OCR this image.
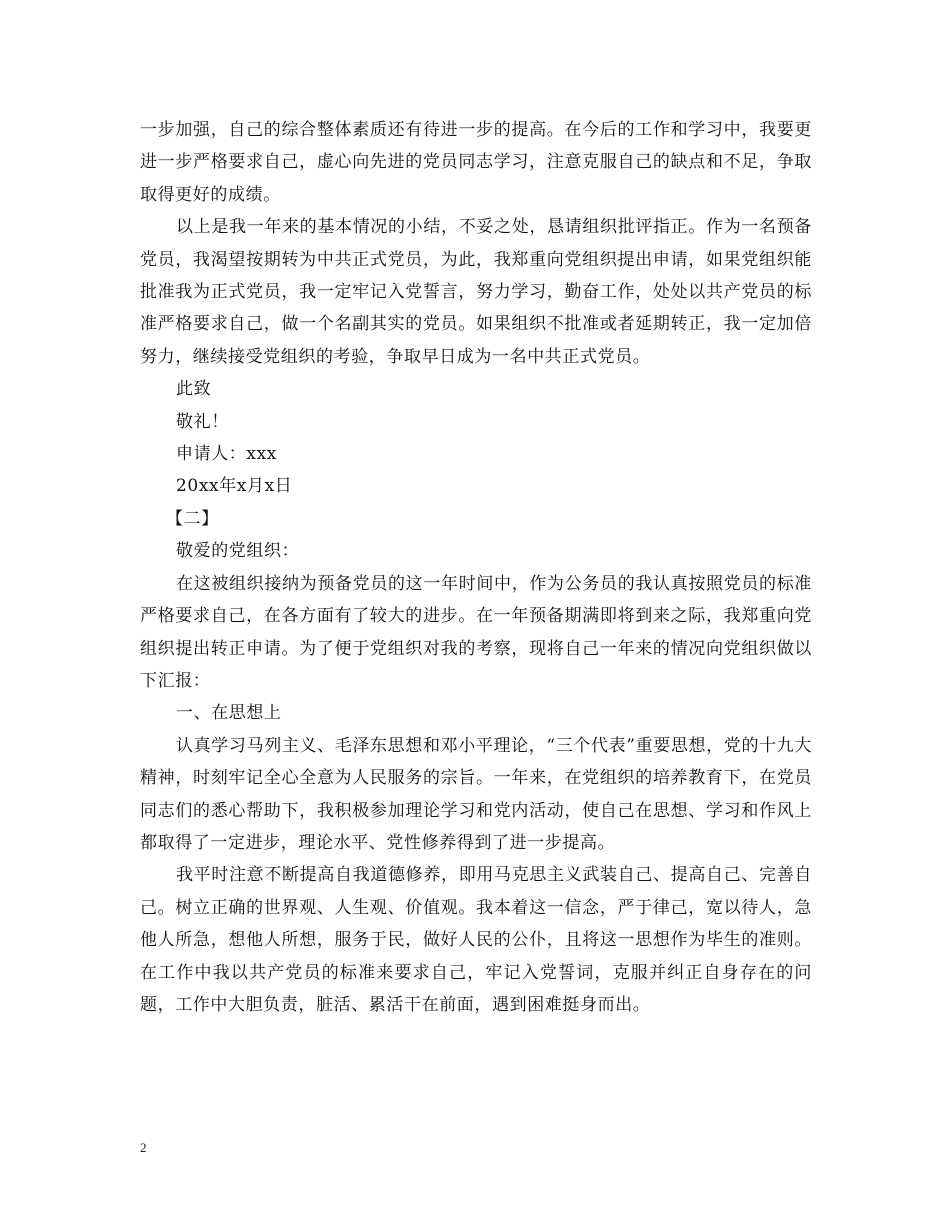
一步加强，自己的综合整体素质还有待进一步的提高。在今后的工作和学习中，我要更进一步严格要求自己，虚心向先进的党员同志学习，注意克服自己的缺点和不足，争取取得更好的成绩。

以上是我一年来的基本情况的小结，不妥之处，恳请组织批评指正。作为一名预备党员，我渴望按期转为中共正式党员，为此，我郑重向党组织提出申请，如果党组织能批准我为正式党员，我一定牢记入党誓言，努力学习，勤奋工作，处处以共产党员的标准严格要求自己，做一个名副其实的党员。如果组织不批准或者延期转正，我一定加倍努力，继续接受党组织的考验，争取早日成为一名中共正式党员。

此致

敬礼！

申请人：xxx

20xx年x月x日

【二】

敬爱的党组织：

在这被组织接纳为预备党员的这一年时间中，作为公务员的我认真按照党员的标准严格要求自己，在各方面有了较大的进步。在一年预备期满即将到来之际，我郑重向党组织提出转正申请。为了便于党组织对我的考察，现将自己一年来的情况向党组织做以下汇报：

一、在思想上

认真学习马列主义、毛泽东思想和邓小平理论，“三个代表”重要思想，党的十九大精神，时刻牢记全心全意为人民服务的宗旨。一年来，在党组织的培养教育下，在党员同志们的悉心帮助下，我积极参加理论学习和党内活动，使自己在思想、学习和作风上都取得了一定进步，理论水平、党性修养得到了进一步提高。

我平时注意不断提高自我道德修养，即用马克思主义武装自己、提高自己、完善自己。树立正确的世界观、人生观、价值观。我本着这一信念，严于律己，宽以待人，急他人所急，想他人所想，服务于民，做好人民的公仆，且将这一思想作为毕生的准则。在工作中我以共产党员的标准来要求自己，牢记入党誓词，克服并纠正自身存在的问题，工作中大胆负责，脏活、累活干在前面，遇到困难挺身而出。

2
